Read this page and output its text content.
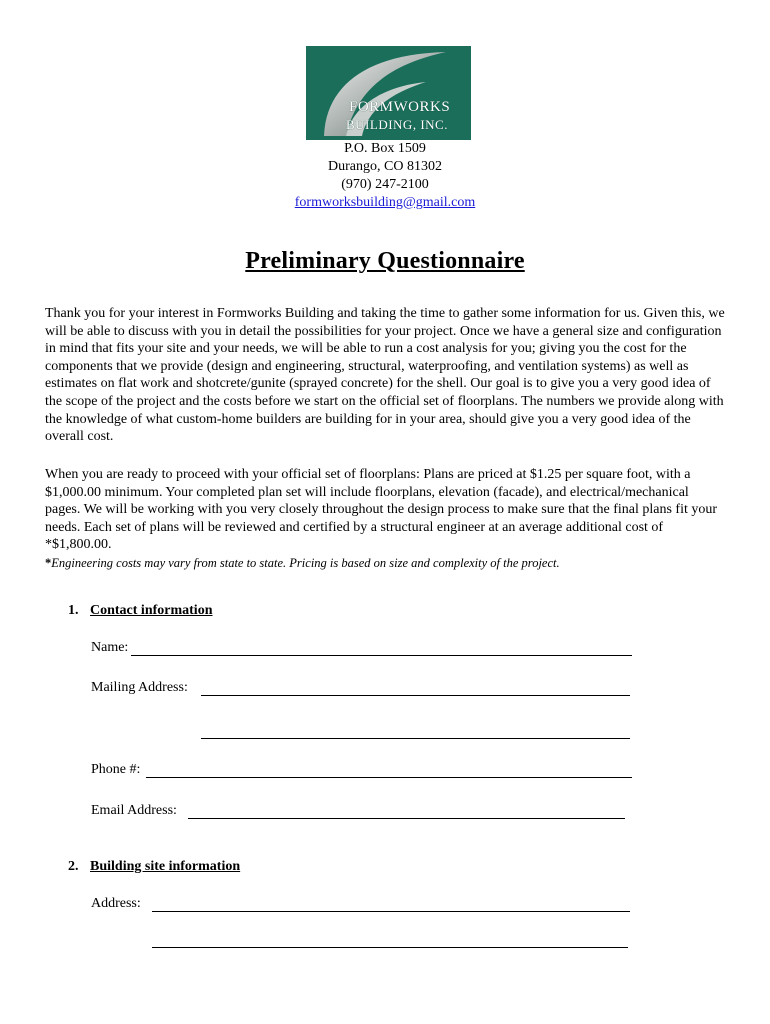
FORMWORKS
BUILDING, INC.
P.O. Box 1509
Durango, CO 81302
(970) 247-2100
formworksbuilding@gmail.com
Preliminary Questionnaire
Thank you for your interest in Formworks Building and taking the time to gather some information for us. Given this, we will be able to discuss with you in detail the possibilities for your project. Once we have a general size and configuration in mind that fits your site and your needs, we will be able to run a cost analysis for you; giving you the cost for the components that we provide (design and engineering, structural, waterproofing, and ventilation systems) as well as estimates on flat work and shotcrete/gunite (sprayed concrete) for the shell. Our goal is to give you a very good idea of the scope of the project and the costs before we start on the official set of floorplans. The numbers we provide along with the knowledge of what custom-home builders are building for in your area, should give you a very good idea of the overall cost.
When you are ready to proceed with your official set of floorplans: Plans are priced at $1.25 per square foot, with a $1,000.00 minimum. Your completed plan set will include floorplans, elevation (facade), and electrical/mechanical pages. We will be working with you very closely throughout the design process to make sure that the final plans fit your needs. Each set of plans will be reviewed and certified by a structural engineer at an average additional cost of *$1,800.00.
*Engineering costs may vary from state to state. Pricing is based on size and complexity of the project.
1. Contact information
Name:
Mailing Address:
Phone #:
Email Address:
2. Building site information
Address:
